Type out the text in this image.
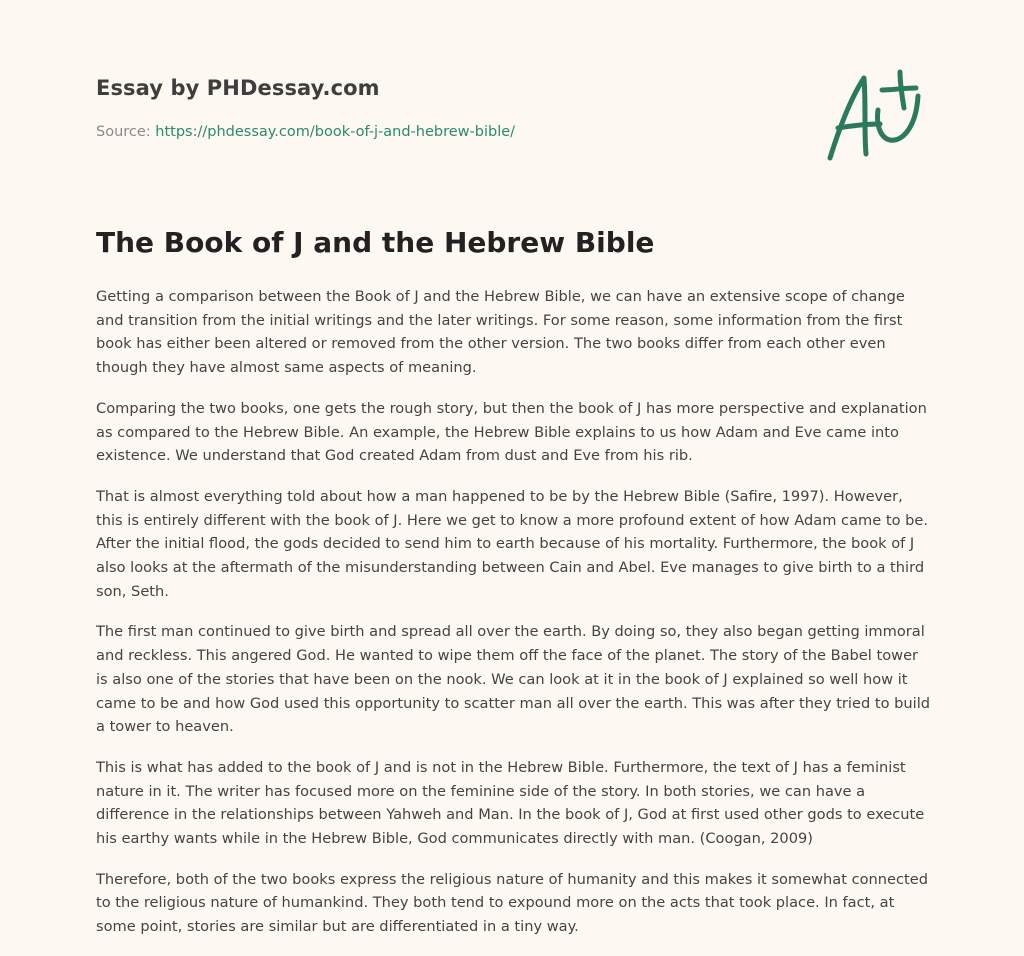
Essay by PHDessay.com
Source: https://phdessay.com/book-of-j-and-hebrew-bible/
The Book of J and the Hebrew Bible

Getting a comparison between the Book of J and the Hebrew Bible, we can have an extensive scope of change and transition from the initial writings and the later writings. For some reason, some information from the first book has either been altered or removed from the other version. The two books differ from each other even though they have almost same aspects of meaning.

Comparing the two books, one gets the rough story, but then the book of J has more perspective and explanation as compared to the Hebrew Bible. An example, the Hebrew Bible explains to us how Adam and Eve came into existence. We understand that God created Adam from dust and Eve from his rib.

That is almost everything told about how a man happened to be by the Hebrew Bible (Safire, 1997). However, this is entirely different with the book of J. Here we get to know a more profound extent of how Adam came to be. After the initial flood, the gods decided to send him to earth because of his mortality. Furthermore, the book of J also looks at the aftermath of the misunderstanding between Cain and Abel. Eve manages to give birth to a third son, Seth.

The first man continued to give birth and spread all over the earth. By doing so, they also began getting immoral and reckless. This angered God. He wanted to wipe them off the face of the planet. The story of the Babel tower is also one of the stories that have been on the nook. We can look at it in the book of J explained so well how it came to be and how God used this opportunity to scatter man all over the earth. This was after they tried to build a tower to heaven.

This is what has added to the book of J and is not in the Hebrew Bible. Furthermore, the text of J has a feminist nature in it. The writer has focused more on the feminine side of the story. In both stories, we can have a difference in the relationships between Yahweh and Man. In the book of J, God at first used other gods to execute his earthy wants while in the Hebrew Bible, God communicates directly with man. (Coogan, 2009)

Therefore, both of the two books express the religious nature of humanity and this makes it somewhat connected to the religious nature of humankind. They both tend to expound more on the acts that took place. In fact, at some point, stories are similar but are differentiated in a tiny way.
